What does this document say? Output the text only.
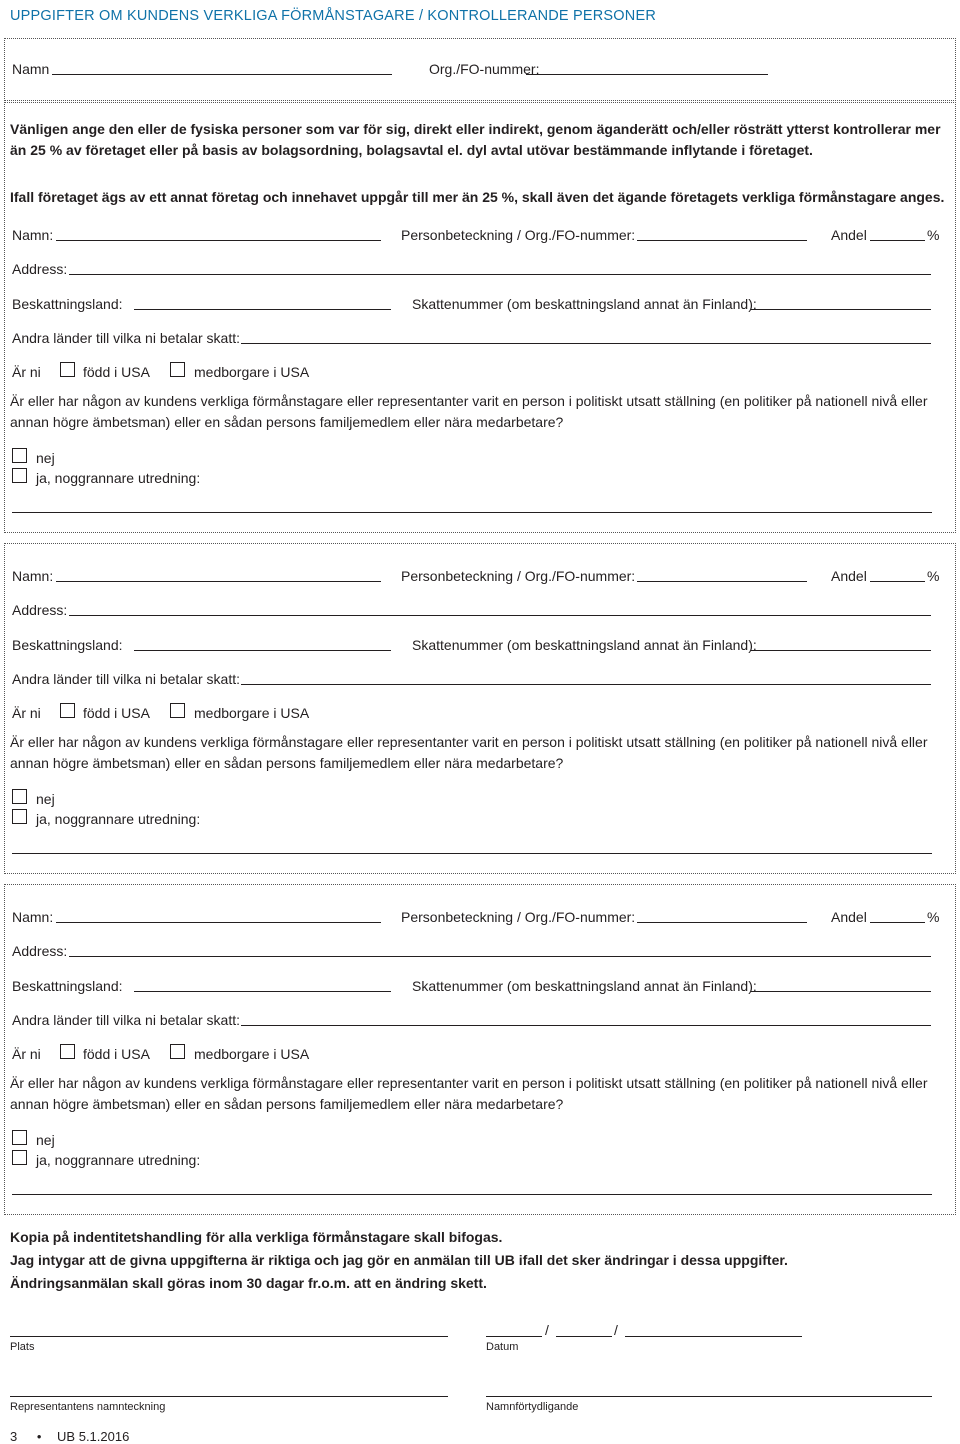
UPPGIFTER OM KUNDENS VERKLIGA FÖRMÅNSTAGARE / KONTROLLERANDE PERSONER
Namn	Org./FO-nummer:
Vänligen ange den eller de fysiska personer som var för sig, direkt eller indirekt, genom äganderätt och/eller rösträtt ytterst kontrollerar mer än 25 % av företaget eller på basis av bolagsordning, bolagsavtal el. dyl avtal utövar bestämmande inflytande i företaget.
Ifall företaget ägs av ett annat företag och innehavet uppgår till mer än 25 %, skall även det ägande företagets verkliga förmånstagare anges.
Namn:	Personbeteckning / Org./FO-nummer:	Andel	%
Address:
Beskattningsland:	Skattenummer (om beskattningsland annat än Finland):
Andra länder till vilka ni betalar skatt:
Är ni	född i USA	medborgare i USA
Är eller har någon av kundens verkliga förmånstagare eller representanter varit en person i politiskt utsatt ställning (en politiker på nationell nivå eller annan högre ämbetsman) eller en sådan persons familjemedlem eller nära medarbetare?
nej
ja, noggrannare utredning:
Namn:	Personbeteckning / Org./FO-nummer:	Andel	%
Address:
Beskattningsland:	Skattenummer (om beskattningsland annat än Finland):
Andra länder till vilka ni betalar skatt:
Är ni	född i USA	medborgare i USA
Är eller har någon av kundens verkliga förmånstagare eller representanter varit en person i politiskt utsatt ställning (en politiker på nationell nivå eller annan högre ämbetsman) eller en sådan persons familjemedlem eller nära medarbetare?
nej
ja, noggrannare utredning:
Namn:	Personbeteckning / Org./FO-nummer:	Andel	%
Address:
Beskattningsland:	Skattenummer (om beskattningsland annat än Finland):
Andra länder till vilka ni betalar skatt:
Är ni	född i USA	medborgare i USA
Är eller har någon av kundens verkliga förmånstagare eller representanter varit en person i politiskt utsatt ställning (en politiker på nationell nivå eller annan högre ämbetsman) eller en sådan persons familjemedlem eller nära medarbetare?
nej
ja, noggrannare utredning:
Kopia på indentitetshandling för alla verkliga förmånstagare skall bifogas.
Jag intygar att de givna uppgifterna är riktiga och jag gör en anmälan till UB ifall det sker ändringar i dessa uppgifter.
Ändringsanmälan skall göras inom 30 dagar fr.o.m. att en ändring skett.
Plats
/	/
Datum
Representantens namnteckning	Namnförtydligande
3 • UB 5.1.2016
